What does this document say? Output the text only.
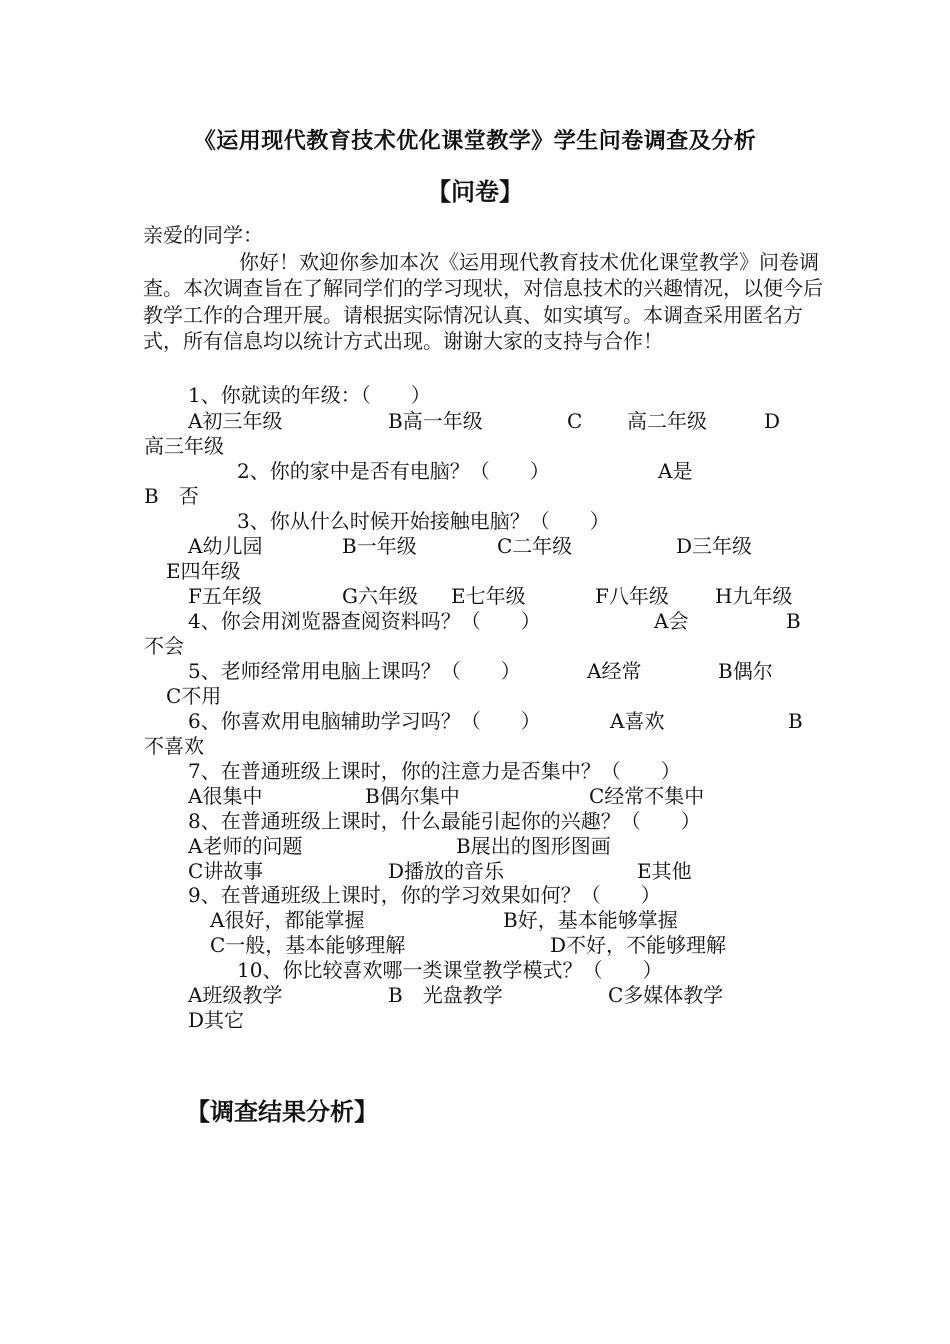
《运用现代教育技术优化课堂教学》学生问卷调查及分析
【问卷】

亲爱的同学：

你好！欢迎你参加本次《运用现代教育技术优化课堂教学》问卷调查。本次调查旨在了解同学们的学习现状，对信息技术的兴趣情况，以便今后教学工作的合理开展。请根据实际情况认真、如实填写。本调查采用匿名方式，所有信息均以统计方式出现。谢谢大家的支持与合作！

1、你就读的年级：（　　）
A初三年级	B高一年级	C 高二年级	D
高三年级
2、你的家中是否有电脑？（　　）	A是
B　否
3、你从什么时候开始接触电脑？（　　）
A幼儿园	B一年级	C二年级	D三年级
E四年级
F五年级	G六年级 E七年级	F八年级 H九年级
4、你会用浏览器查阅资料吗？（　　）	A会	B
不会
5、老师经常用电脑上课吗？（　　）	A经常	B偶尔
C不用
6、你喜欢用电脑辅助学习吗？（　　）	A喜欢	B
不喜欢
7、在普通班级上课时，你的注意力是否集中？（　　）
A很集中	B偶尔集中	C经常不集中
8、在普通班级上课时，什么最能引起你的兴趣？（　　）
A老师的问题	B展出的图形图画
C讲故事	D播放的音乐	E其他
9、在普通班级上课时，你的学习效果如何？（　　）
A很好，都能掌握	B好，基本能够掌握
C一般，基本能够理解	D不好，不能够理解
10、你比较喜欢哪一类课堂教学模式？（　　）
A班级教学	B　光盘教学	C多媒体教学
D其它
【调查结果分析】
